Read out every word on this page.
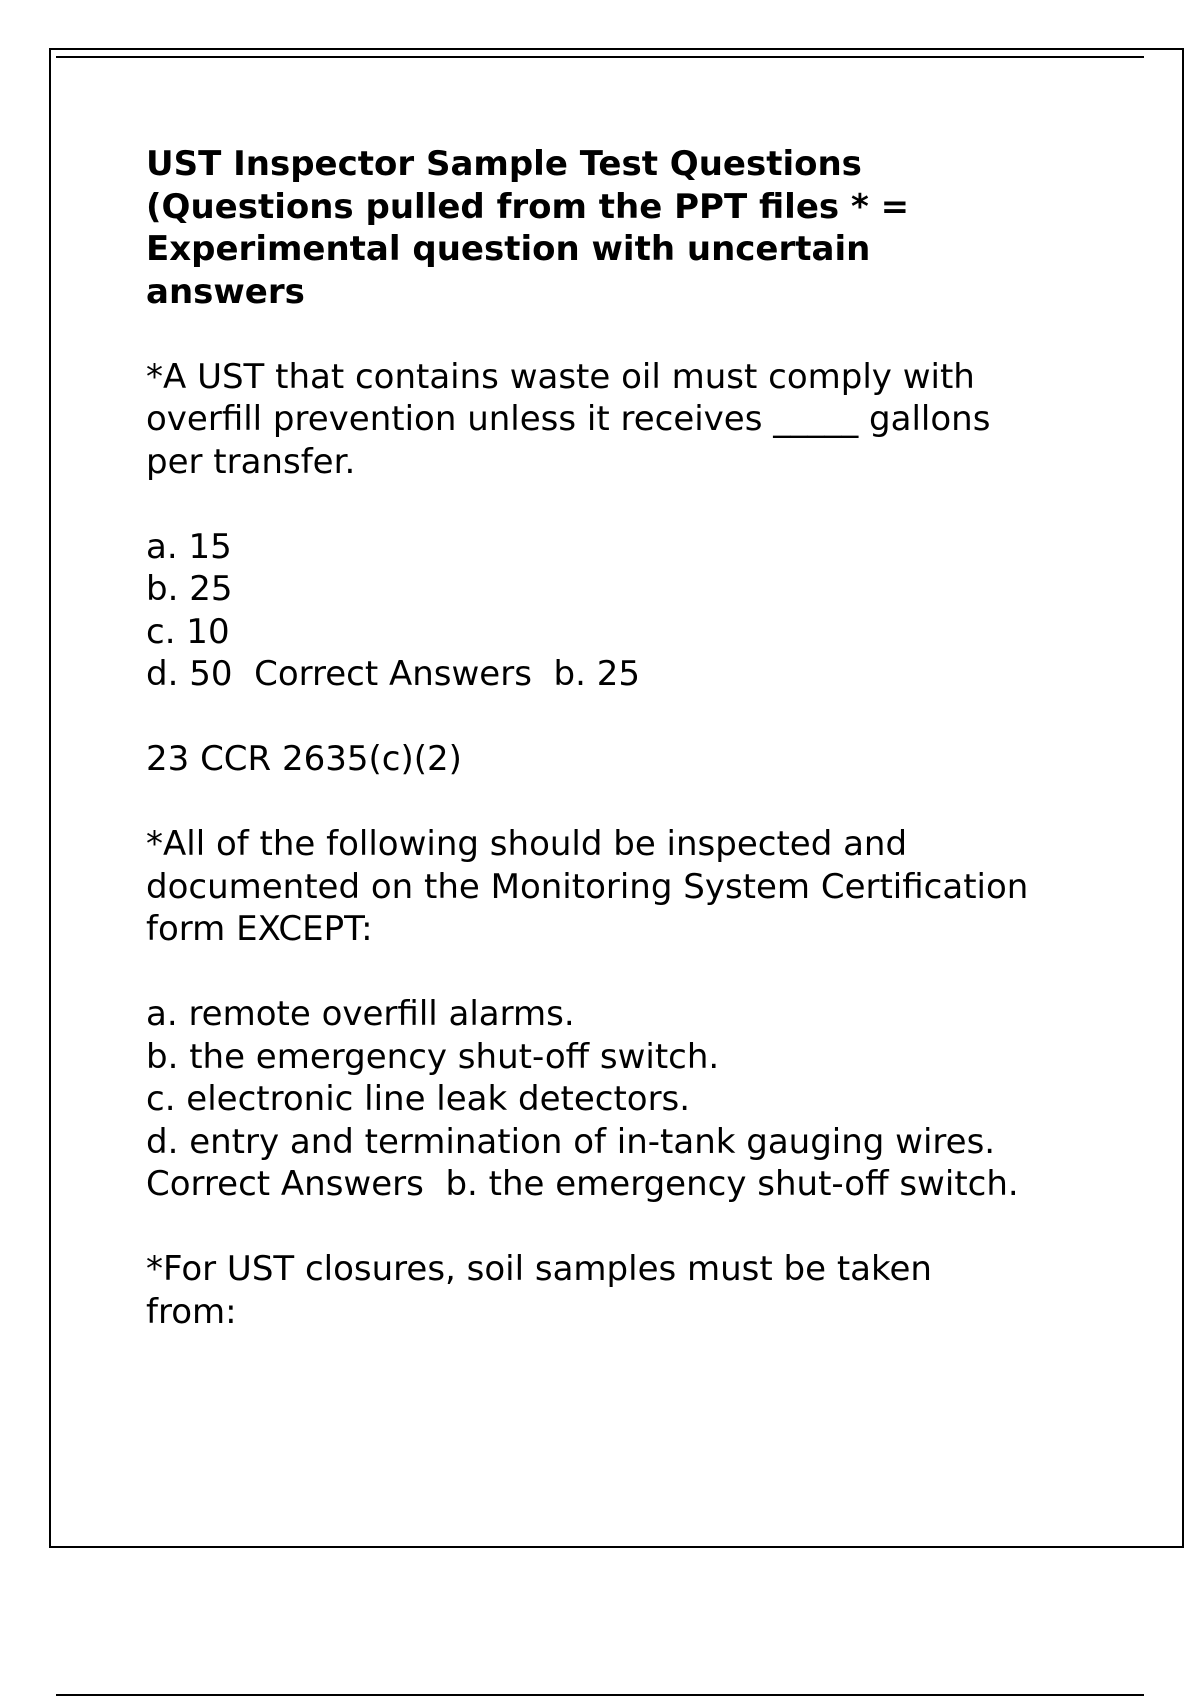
UST Inspector Sample Test Questions
(Questions pulled from the PPT files * =
Experimental question with uncertain
answers
*A UST that contains waste oil must comply with
overfill prevention unless it receives _____ gallons
per transfer.
a. 15
b. 25
c. 10
d. 50  Correct Answers  b. 25
23 CCR 2635(c)(2)
*All of the following should be inspected and
documented on the Monitoring System Certification
form EXCEPT:
a. remote overfill alarms.
b. the emergency shut-off switch.
c. electronic line leak detectors.
d. entry and termination of in-tank gauging wires.
Correct Answers  b. the emergency shut-off switch.
*For UST closures, soil samples must be taken
from:
